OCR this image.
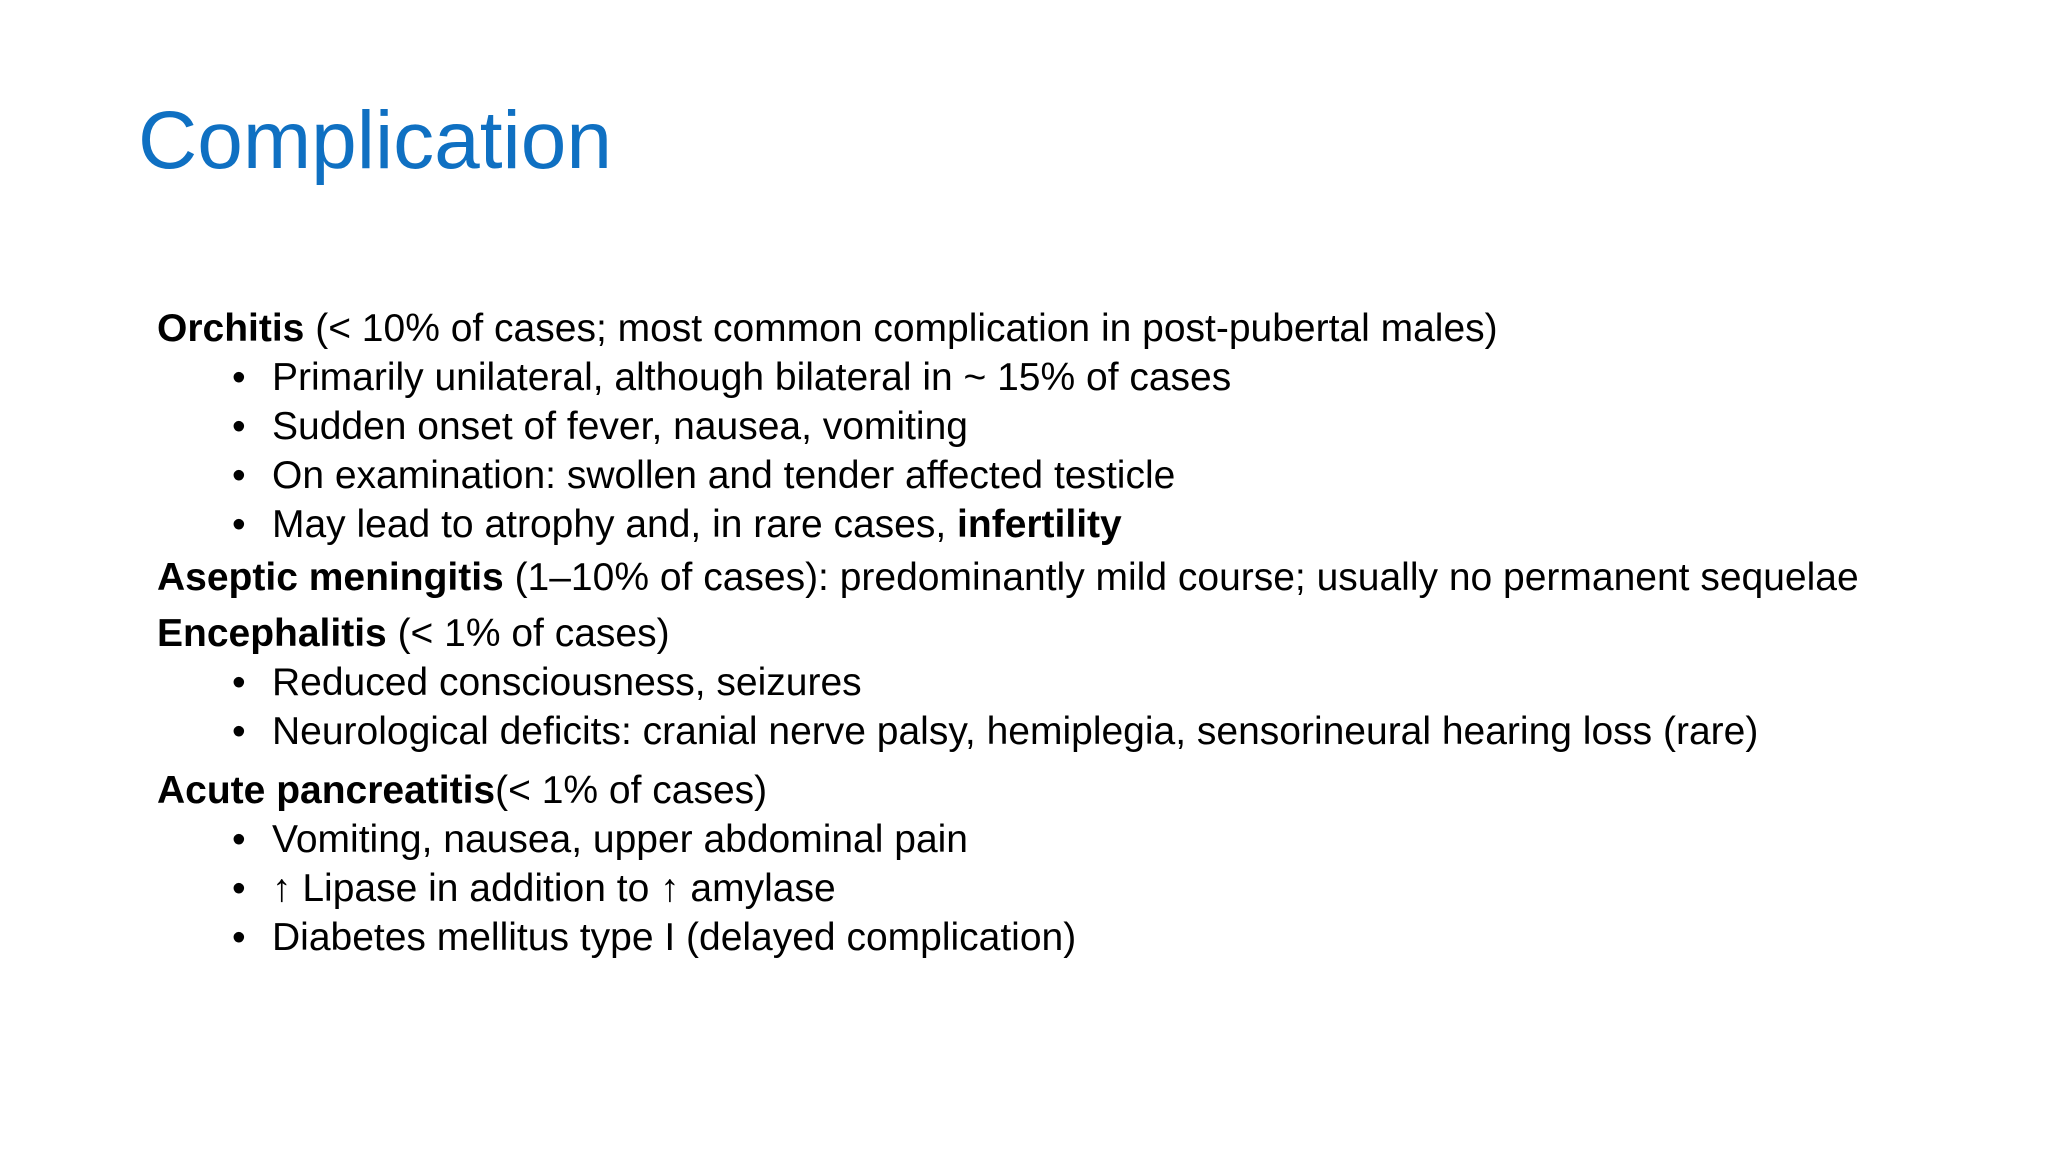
Complication

Orchitis (< 10% of cases; most common complication in post-pubertal males)

• Primarily unilateral, although bilateral in ~ 15% of cases
• Sudden onset of fever, nausea, vomiting
• On examination: swollen and tender affected testicle
• May lead to atrophy and, in rare cases, infertility

Aseptic meningitis (1–10% of cases): predominantly mild course; usually no permanent sequelae

Encephalitis (< 1% of cases)

• Reduced consciousness, seizures
• Neurological deficits: cranial nerve palsy, hemiplegia, sensorineural hearing loss (rare)

Acute pancreatitis(< 1% of cases)

• Vomiting, nausea, upper abdominal pain
• ↑ Lipase in addition to ↑ amylase
• Diabetes mellitus type I (delayed complication)
